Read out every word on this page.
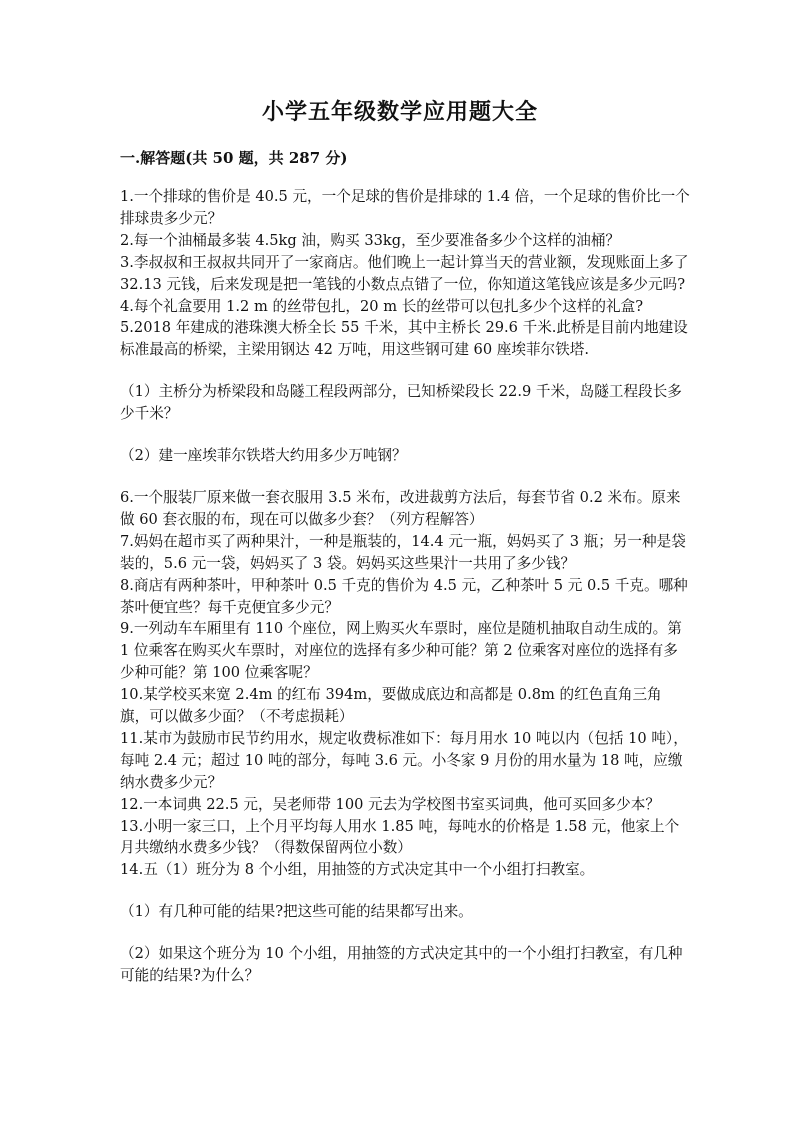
小学五年级数学应用题大全
一.解答题(共 50 题，共 287 分)

1.一个排球的售价是 40.5 元，一个足球的售价是排球的 1.4 倍，一个足球的售价比一个排球贵多少元？

2.每一个油桶最多装 4.5kg 油，购买 33kg，至少要准备多少个这样的油桶？

3.李叔叔和王叔叔共同开了一家商店。他们晚上一起计算当天的营业额，发现账面上多了 32.13 元钱，后来发现是把一笔钱的小数点点错了一位，你知道这笔钱应该是多少元吗?

4.每个礼盒要用 1.2 m 的丝带包扎，20 m 长的丝带可以包扎多少个这样的礼盒?

5.2018 年建成的港珠澳大桥全长 55 千米，其中主桥长 29.6 千米.此桥是目前内地建设标准最高的桥梁，主梁用钢达 42 万吨，用这些钢可建 60 座埃菲尔铁塔.

（1）主桥分为桥梁段和岛隧工程段两部分，已知桥梁段长 22.9 千米，岛隧工程段长多少千米？

（2）建一座埃菲尔铁塔大约用多少万吨钢？

6.一个服装厂原来做一套衣服用 3.5 米布，改进裁剪方法后，每套节省 0.2 米布。原来做 60 套衣服的布，现在可以做多少套？（列方程解答）

7.妈妈在超市买了两种果汁，一种是瓶装的，14.4 元一瓶，妈妈买了 3 瓶；另一种是袋装的，5.6 元一袋，妈妈买了 3 袋。妈妈买这些果汁一共用了多少钱？

8.商店有两种茶叶，甲种茶叶 0.5 千克的售价为 4.5 元，乙种茶叶 5 元 0.5 千克。哪种茶叶便宜些？每千克便宜多少元？

9.一列动车车厢里有 110 个座位，网上购买火车票时，座位是随机抽取自动生成的。第 1 位乘客在购买火车票时，对座位的选择有多少种可能？第 2 位乘客对座位的选择有多少种可能？第 100 位乘客呢？

10.某学校买来宽 2.4m 的红布 394m，要做成底边和高都是 0.8m 的红色直角三角旗，可以做多少面？（不考虑损耗）

11.某市为鼓励市民节约用水，规定收费标准如下：每月用水 10 吨以内（包括 10 吨），每吨 2.4 元；超过 10 吨的部分，每吨 3.6 元。小冬家 9 月份的用水量为 18 吨，应缴纳水费多少元？

12.一本词典 22.5 元，吴老师带 100 元去为学校图书室买词典，他可买回多少本？

13.小明一家三口，上个月平均每人用水 1.85 吨，每吨水的价格是 1.58 元，他家上个月共缴纳水费多少钱？（得数保留两位小数）

14.五（1）班分为 8 个小组，用抽签的方式决定其中一个小组打扫教室。

（1）有几种可能的结果?把这些可能的结果都写出来。

（2）如果这个班分为 10 个小组，用抽签的方式决定其中的一个小组打扫教室，有几种可能的结果?为什么？
